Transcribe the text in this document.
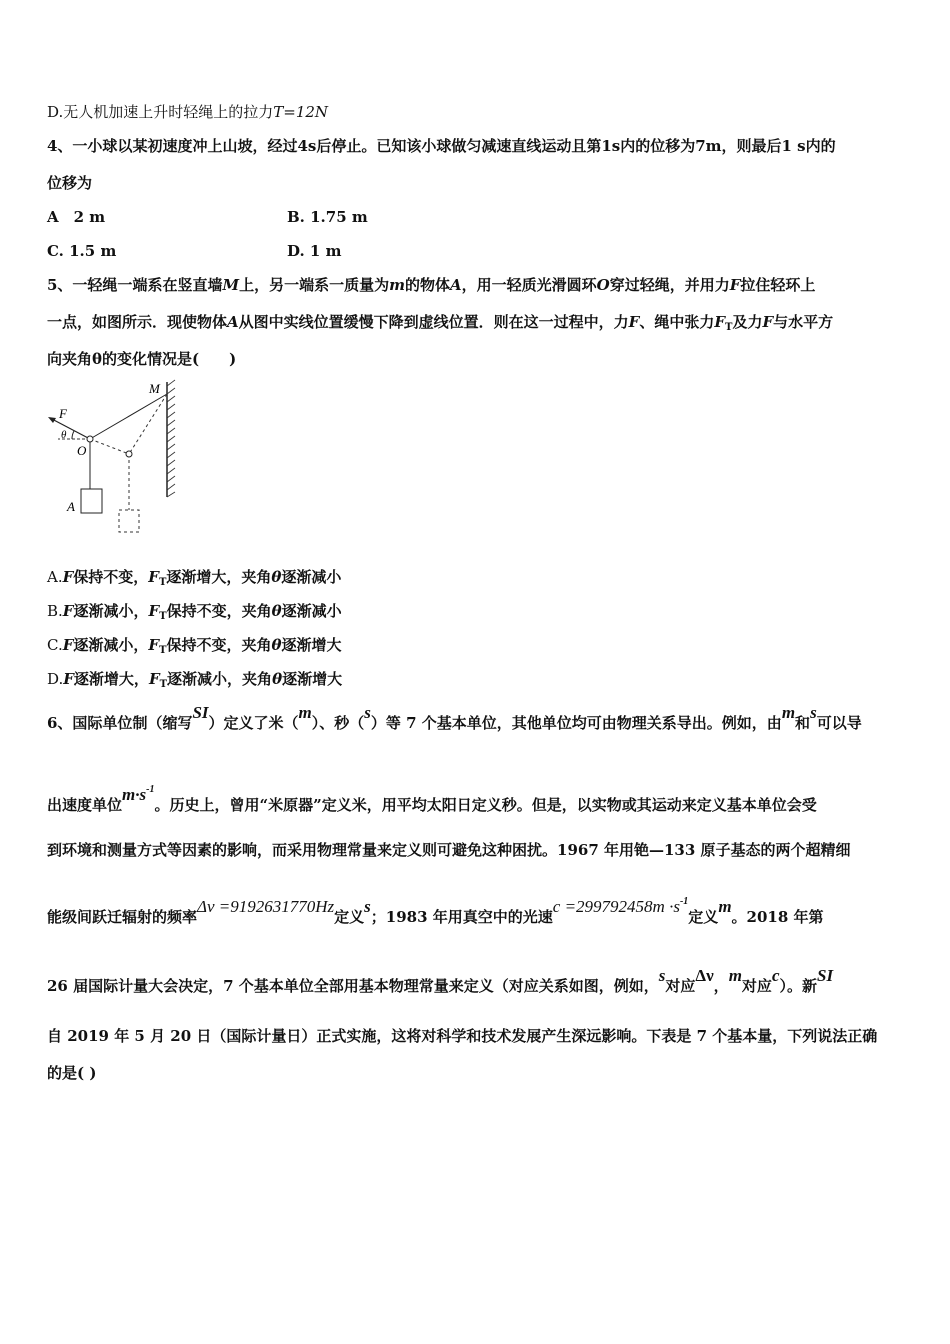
D.无人机加速上升时轻绳上的拉力T=12N
4、一小球以某初速度冲上山坡，经过4s后停止。已知该小球做匀减速直线运动且第1s内的位移为7m，则最后1 s内的
位移为
A　2 m	B. 1.75 m
C. 1.5 m	D. 1 m
5、一轻绳一端系在竖直墙M上，另一端系一质量为m的物体A，用一轻质光滑圆环O穿过轻绳，并用力F拉住轻环上
一点，如图所示．现使物体A从图中实线位置缓慢下降到虚线位置．则在这一过程中，力F、绳中张力$F_T$及力F与水平方
向夹角θ的变化情况是(　　)
F
θ
O
M
A
A.F保持不变，$F_T$逐渐增大，夹角θ逐渐减小
B.F逐渐减小，$F_T$保持不变，夹角θ逐渐减小
C.F逐渐减小，$F_T$保持不变，夹角θ逐渐增大
D.F逐渐增大，$F_T$逐渐减小，夹角θ逐渐增大
6、国际单位制（缩写SI）定义了米（m）、秒（s）等 7 个基本单位，其他单位均可由物理关系导出。例如，由m和s可以导
出速度单位$m\cdot s^{-1}$。历史上，曾用“米原器”定义米，用平均太阳日定义秒。但是，以实物或其运动来定义基本单位会受
到环境和测量方式等因素的影响，而采用物理常量来定义则可避免这种困扰。1967 年用铯—133 原子基态的两个超精细
能级间跃迁辐射的频率Δν =9192631770Hz定义s；1983 年用真空中的光速$c =299792458m \cdot s^{-1}$定义m。2018 年第
26 届国际计量大会决定，7 个基本单位全部用基本物理常量来定义（对应关系如图，例如，s对应Δν，m对应c）。新SI
自 2019 年 5 月 20 日（国际计量日）正式实施，这将对科学和技术发展产生深远影响。下表是 7 个基本量，下列说法正确
的是( )
